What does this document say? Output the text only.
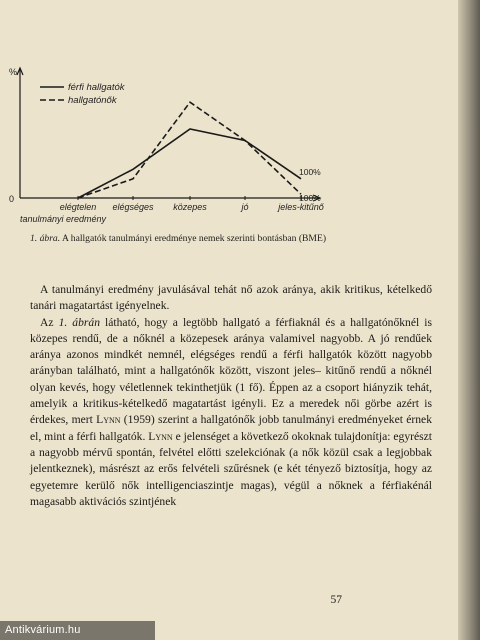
%
0
férfi hallgatók
hallgatónők
100%
100%
elégtelen elégséges közepes	jó	jeles-kitűnő
tanulmányi eredmény
1. ábra. A hallgatók tanulmányi eredménye nemek szerinti bontásban (BME)

A tanulmányi eredmény javulásával tehát nő azok aránya, akik kritikus, kételkedő tanári magatartást igényelnek.

Az 1. ábrán látható, hogy a legtöbb hallgató a férfiaknál és a hallgatónőknél is közepes rendű, de a nőknél a közepesek aránya valamivel nagyobb. A jó rendűek aránya azonos mindkét nemnél, elégséges rendű a férfi hallgatók között nagyobb arányban található, mint a hallgatónők között, viszont jeles– kitűnő rendű a nőknél olyan kevés, hogy véletlennek tekinthetjük (1 fő). Éppen az a csoport hiányzik tehát, amelyik a kritikus-kételkedő magatartást igényli. Ez a meredek női görbe azért is érdekes, mert Lynn (1959) szerint a hallgatónők jobb tanulmányi eredményeket érnek el, mint a férfi hallgatók. Lynn e jelenséget a következő okoknak tulajdonítja: egyrészt a nagyobb mérvű spontán, felvétel előtti szelekciónak (a nők közül csak a legjobbak jelentkeznek), másrészt az erős felvételi szűrésnek (e két tényező biztosítja, hogy az egyetemre kerülő nők intelligenciaszintje magas), végül a nőknek a férfiakénál magasabb aktivációs szintjének

57
Antikvárium.hu
